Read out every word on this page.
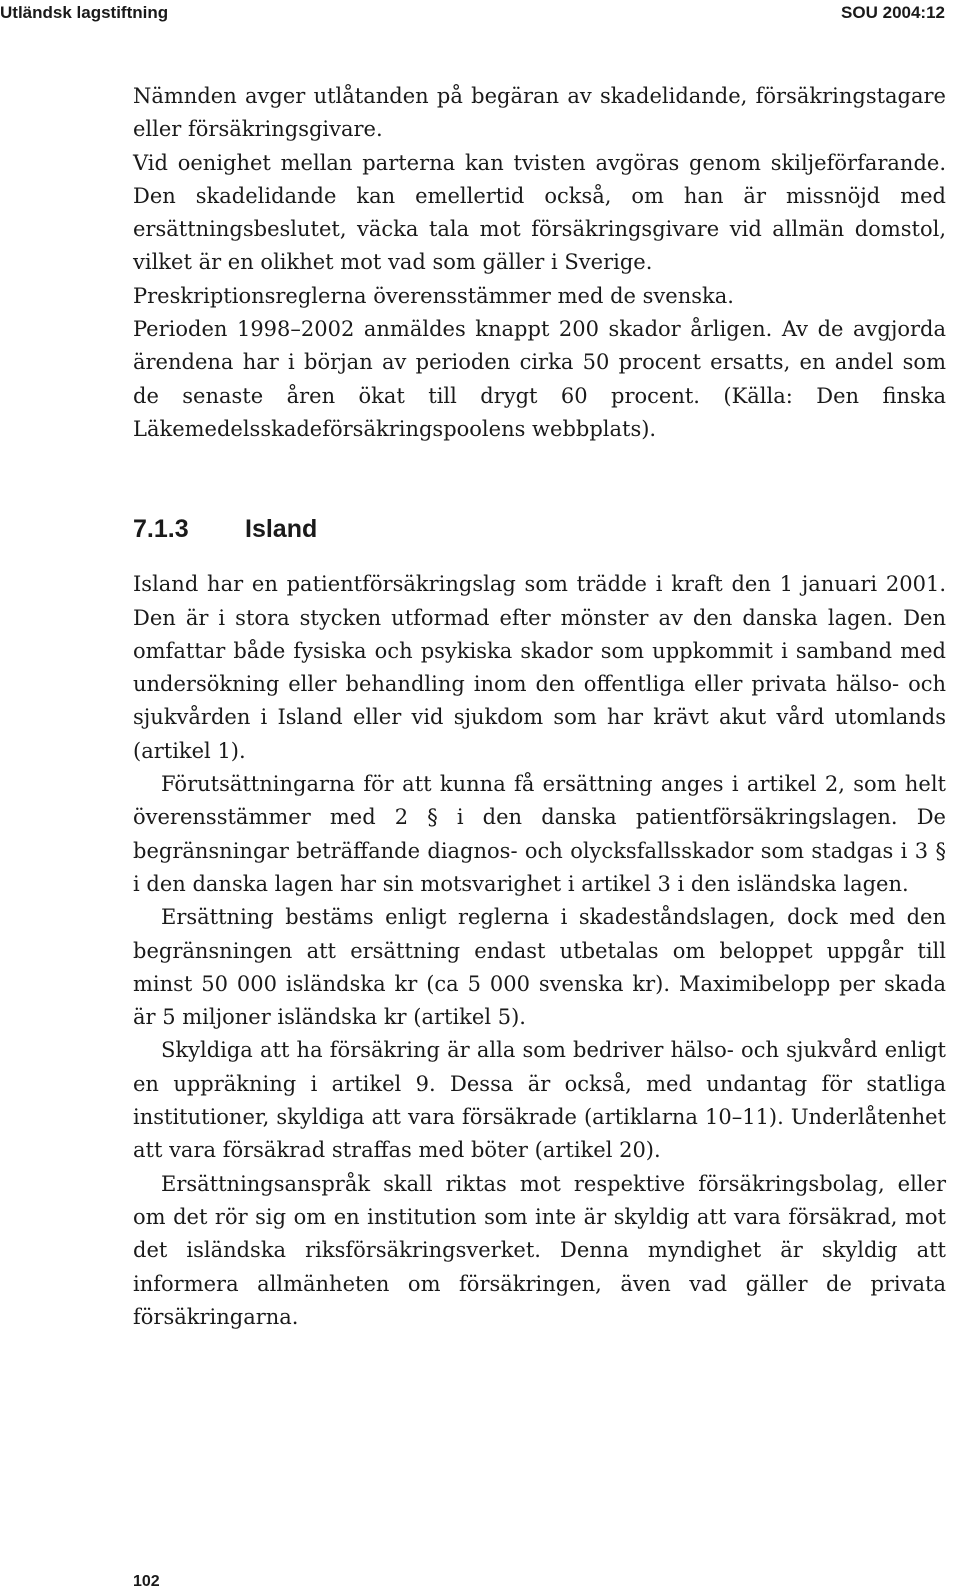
Utländsk lagstiftning	SOU 2004:12

Nämnden avger utlåtanden på begäran av skadelidande, försäkringstagare eller försäkringsgivare.

Vid oenighet mellan parterna kan tvisten avgöras genom skiljeförfarande. Den skadelidande kan emellertid också, om han är missnöjd med ersättningsbeslutet, väcka tala mot försäkringsgivare vid allmän domstol, vilket är en olikhet mot vad som gäller i Sverige.

Preskriptionsreglerna överensstämmer med de svenska.

Perioden 1998–2002 anmäldes knappt 200 skador årligen. Av de avgjorda ärendena har i början av perioden cirka 50 procent ersatts, en andel som de senaste åren ökat till drygt 60 procent. (Källa: Den finska Läkemedelsskadeförsäkringspoolens webbplats).

7.1.3 Island

Island har en patientförsäkringslag som trädde i kraft den 1 januari 2001. Den är i stora stycken utformad efter mönster av den danska lagen. Den omfattar både fysiska och psykiska skador som uppkommit i samband med undersökning eller behandling inom den offentliga eller privata hälso- och sjukvården i Island eller vid sjukdom som har krävt akut vård utomlands (artikel 1).

Förutsättningarna för att kunna få ersättning anges i artikel 2, som helt överensstämmer med 2 § i den danska patientförsäkringslagen. De begränsningar beträffande diagnos- och olycksfallsskador som stadgas i 3 § i den danska lagen har sin motsvarighet i artikel 3 i den isländska lagen.

Ersättning bestäms enligt reglerna i skadeståndslagen, dock med den begränsningen att ersättning endast utbetalas om beloppet uppgår till minst 50 000 isländska kr (ca 5 000 svenska kr). Maximibelopp per skada är 5 miljoner isländska kr (artikel 5).

Skyldiga att ha försäkring är alla som bedriver hälso- och sjukvård enligt en uppräkning i artikel 9. Dessa är också, med undantag för statliga institutioner, skyldiga att vara försäkrade (artiklarna 10–11). Underlåtenhet att vara försäkrad straffas med böter (artikel 20).

Ersättningsanspråk skall riktas mot respektive försäkringsbolag, eller om det rör sig om en institution som inte är skyldig att vara försäkrad, mot det isländska riksförsäkringsverket. Denna myndighet är skyldig att informera allmänheten om försäkringen, även vad gäller de privata försäkringarna.

102
